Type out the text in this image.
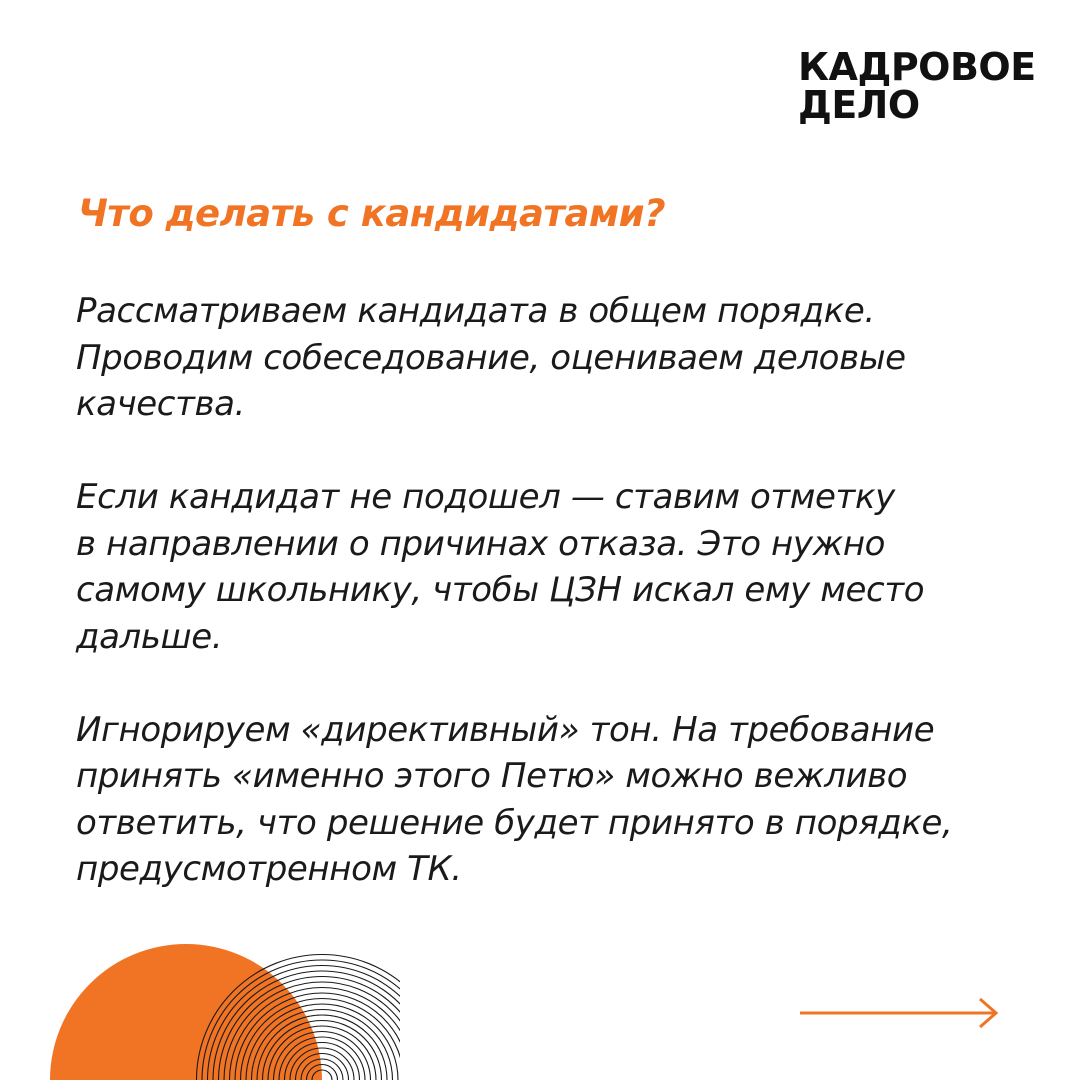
КАДРОВОЕ
ДЕЛО
Что делать с кандидатами?
Рассматриваем кандидата в общем порядке.
Проводим собеседование, оцениваем деловые
качества.
Если кандидат не подошел — ставим отметку
в направлении о причинах отказа. Это нужно
самому школьнику, чтобы ЦЗН искал ему место
дальше.
Игнорируем «директивный» тон. На требование
принять «именно этого Петю» можно вежливо
ответить, что решение будет принято в порядке,
предусмотренном ТК.
